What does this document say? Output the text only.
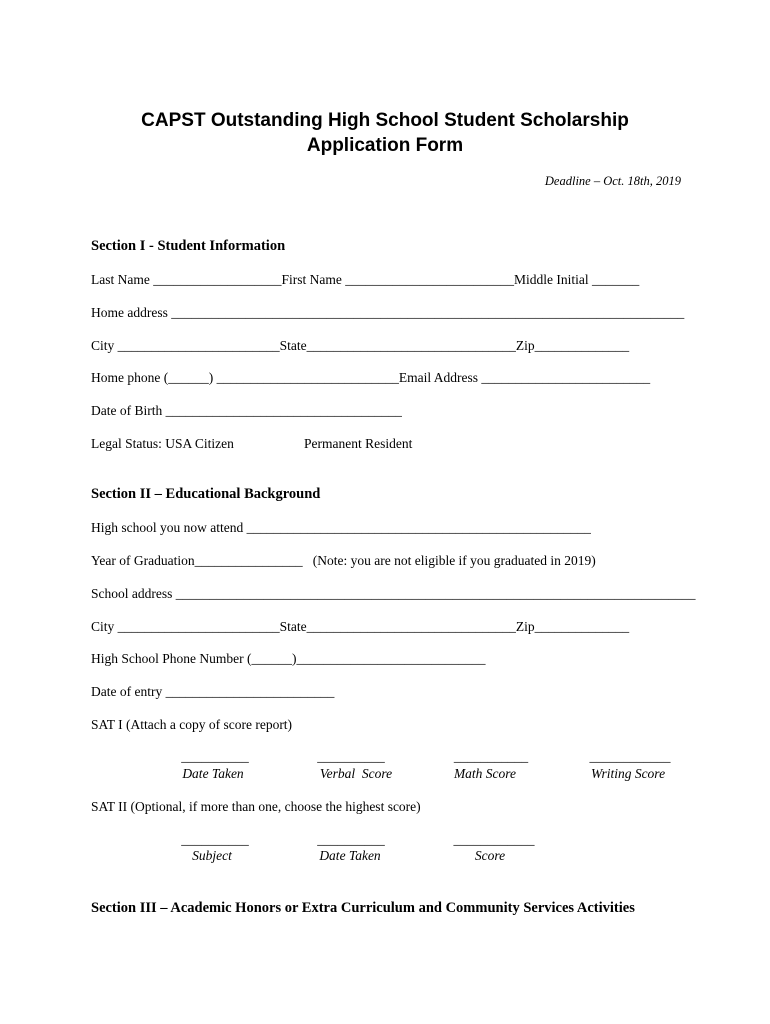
CAPST Outstanding High School Student Scholarship
Application Form
Deadline – Oct. 18th, 2019
Section I - Student Information
Last Name ___________________First Name _________________________Middle Initial _______
Home address ____________________________________________________________________________
City ________________________State_______________________________Zip______________
Home phone (______) ___________________________Email Address _________________________
Date of Birth ___________________________________
Legal Status: USA Citizen	Permanent Resident
Section II – Educational Background
High school you now attend ___________________________________________________
Year of Graduation________________   (Note: you are not eligible if you graduated in 2019)
School address _____________________________________________________________________________
City ________________________State_______________________________Zip______________
High School Phone Number (______)____________________________
Date of entry _________________________
SAT I (Attach a copy of score report)
__________	__________	___________	____________
Date Taken	Verbal  Score	Math Score	Writing Score
SAT II (Optional, if more than one, choose the highest score)
__________	__________	____________
Subject	Date Taken	Score
Section III – Academic Honors or Extra Curriculum and Community Services Activities
